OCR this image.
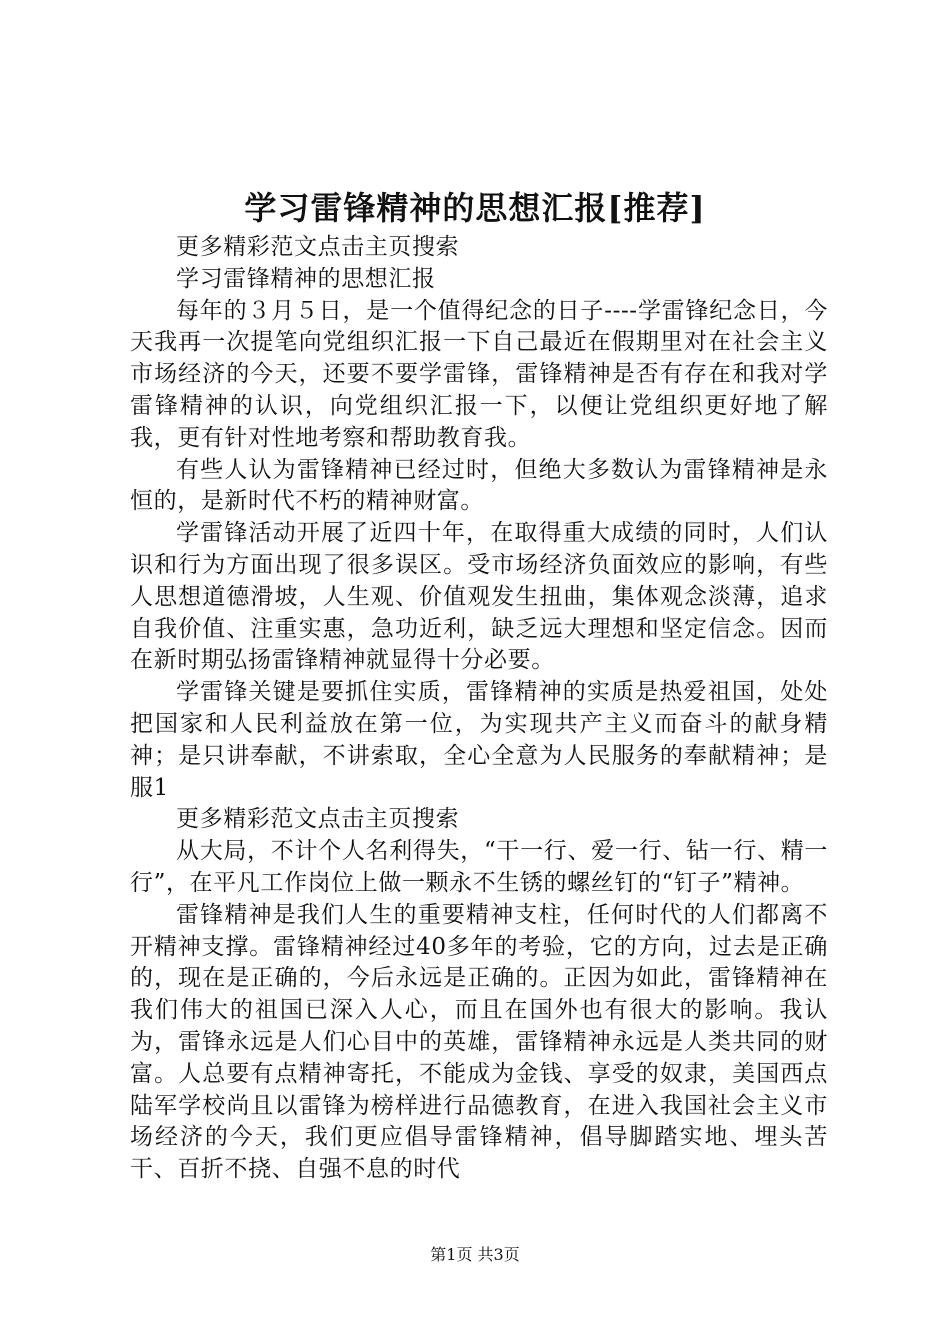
学习雷锋精神的思想汇报[推荐]

更多精彩范文点击主页搜索

学习雷锋精神的思想汇报

每年的３月５日，是一个值得纪念的日子----学雷锋纪念日，今天我再一次提笔向党组织汇报一下自己最近在假期里对在社会主义市场经济的今天，还要不要学雷锋，雷锋精神是否有存在和我对学雷锋精神的认识，向党组织汇报一下，以便让党组织更好地了解我，更有针对性地考察和帮助教育我。

有些人认为雷锋精神已经过时，但绝大多数认为雷锋精神是永恒的，是新时代不朽的精神财富。

学雷锋活动开展了近四十年，在取得重大成绩的同时，人们认识和行为方面出现了很多误区。受市场经济负面效应的影响，有些人思想道德滑坡，人生观、价值观发生扭曲，集体观念淡薄，追求自我价值、注重实惠，急功近利，缺乏远大理想和坚定信念。因而在新时期弘扬雷锋精神就显得十分必要。

学雷锋关键是要抓住实质，雷锋精神的实质是热爱祖国，处处把国家和人民利益放在第一位，为实现共产主义而奋斗的献身精神；是只讲奉献，不讲索取，全心全意为人民服务的奉献精神；是服1

更多精彩范文点击主页搜索

从大局，不计个人名利得失，“干一行、爱一行、钻一行、精一行”，在平凡工作岗位上做一颗永不生锈的螺丝钉的“钉子”精神。

雷锋精神是我们人生的重要精神支柱，任何时代的人们都离不开精神支撑。雷锋精神经过40多年的考验，它的方向，过去是正确的，现在是正确的，今后永远是正确的。正因为如此，雷锋精神在我们伟大的祖国已深入人心，而且在国外也有很大的影响。我认为，雷锋永远是人们心目中的英雄，雷锋精神永远是人类共同的财富。人总要有点精神寄托，不能成为金钱、享受的奴隶，美国西点陆军学校尚且以雷锋为榜样进行品德教育，在进入我国社会主义市场经济的今天，我们更应倡导雷锋精神，倡导脚踏实地、埋头苦干、百折不挠、自强不息的时代

第1页 共3页
